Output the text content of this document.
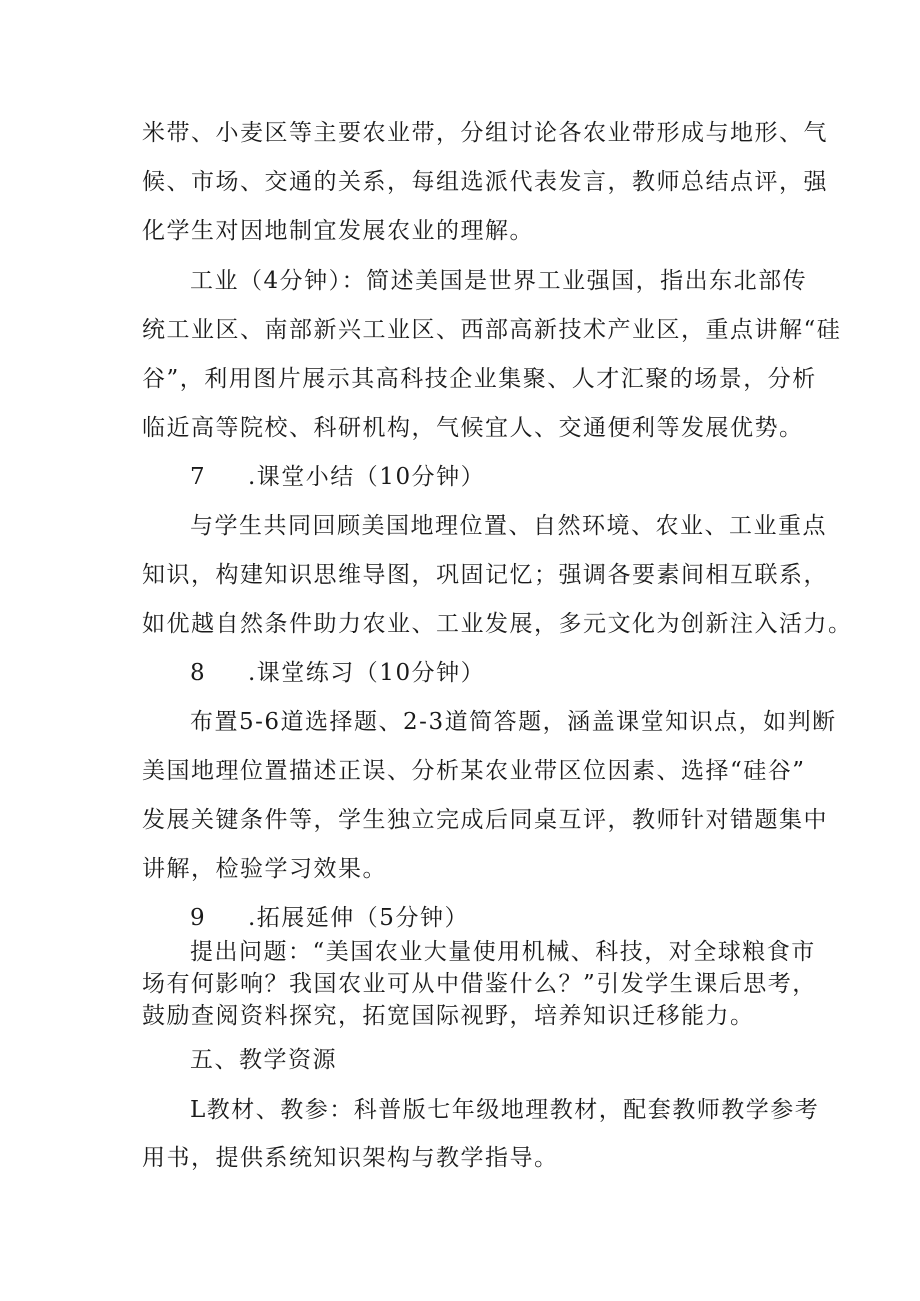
米带、小麦区等主要农业带，分组讨论各农业带形成与地形、气
候、市场、交通的关系，每组选派代表发言，教师总结点评，强
化学生对因地制宜发展农业的理解。
工业（4分钟）：简述美国是世界工业强国，指出东北部传
统工业区、南部新兴工业区、西部高新技术产业区，重点讲解“硅
谷”，利用图片展示其高科技企业集聚、人才汇聚的场景，分析
临近高等院校、科研机构，气候宜人、交通便利等发展优势。
7 .课堂小结（10分钟）
与学生共同回顾美国地理位置、自然环境、农业、工业重点
知识，构建知识思维导图，巩固记忆；强调各要素间相互联系，
如优越自然条件助力农业、工业发展，多元文化为创新注入活力。
8 .课堂练习（10分钟）
布置5-6道选择题、2-3道简答题，涵盖课堂知识点，如判断
美国地理位置描述正误、分析某农业带区位因素、选择“硅谷”
发展关键条件等，学生独立完成后同桌互评，教师针对错题集中
讲解，检验学习效果。
9 .拓展延伸（5分钟）
提出问题：“美国农业大量使用机械、科技，对全球粮食市
场有何影响？我国农业可从中借鉴什么？”引发学生课后思考，
鼓励查阅资料探究，拓宽国际视野，培养知识迁移能力。
五、教学资源
L教材、教参：科普版七年级地理教材，配套教师教学参考
用书，提供系统知识架构与教学指导。
